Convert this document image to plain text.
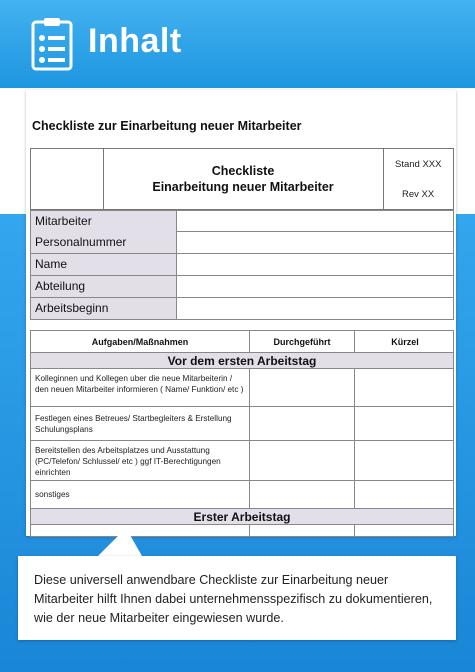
Inhalt
Checkliste zur Einarbeitung neuer Mitarbeiter
Checkliste
Einarbeitung neuer Mitarbeiter
Stand XXX
Rev XX
Mitarbeiter
Personalnummer
Name
Abteilung
Arbeitsbeginn
Aufgaben/Maßnahmen	Durchgeführt	Kürzel
Vor dem ersten Arbeitstag
Kolleginnen und Kollegen uber die neue Mitarbeiterin / den neuen Mitarbeiter informieren ( Name/ Funktion/ etc )
Festlegen eines Betreues/ Startbegleiters & Erstellung Schulungsplans
Bereitstellen des Arbeitsplatzes und Ausstattung (PC/Telefon/ Schlussel/ etc ) ggf IT-Berechtigungen einrichten
sonstiges
Erster Arbeitstag

Diese universell anwendbare Checkliste zur Einarbeitung neuer Mitarbeiter hilft Ihnen dabei unternehmensspezifisch zu dokumentieren, wie der neue Mitarbeiter eingewiesen wurde.
